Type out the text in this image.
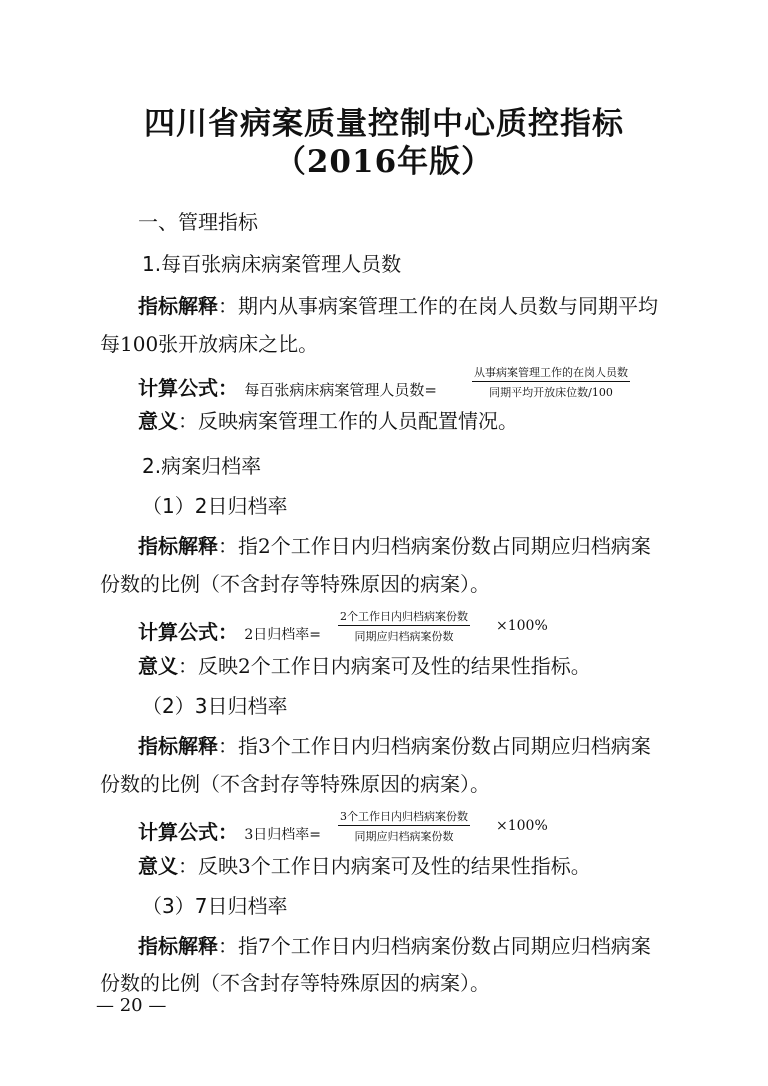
四川省病案质量控制中心质控指标
（2016年版）
一、管理指标
1.每百张病床病案管理人员数
指标解释：期内从事病案管理工作的在岗人员数与同期平均
每100张开放病床之比。
计算公式： 每百张病床病案管理人员数=
从事病案管理工作的在岗人员数
同期平均开放床位数/100
意义：反映病案管理工作的人员配置情况。
2.病案归档率
（1）2日归档率
指标解释：指2个工作日内归档病案份数占同期应归档病案
份数的比例（不含封存等特殊原因的病案）。
计算公式： 2日归档率=
2个工作日内归档病案份数
同期应归档病案份数
×100%
意义：反映2个工作日内病案可及性的结果性指标。
（2）3日归档率
指标解释：指3个工作日内归档病案份数占同期应归档病案
份数的比例（不含封存等特殊原因的病案）。
计算公式： 3日归档率=
3个工作日内归档病案份数
同期应归档病案份数
×100%
意义：反映3个工作日内病案可及性的结果性指标。
（3）7日归档率
指标解释：指7个工作日内归档病案份数占同期应归档病案
份数的比例（不含封存等特殊原因的病案）。
— 20 —
